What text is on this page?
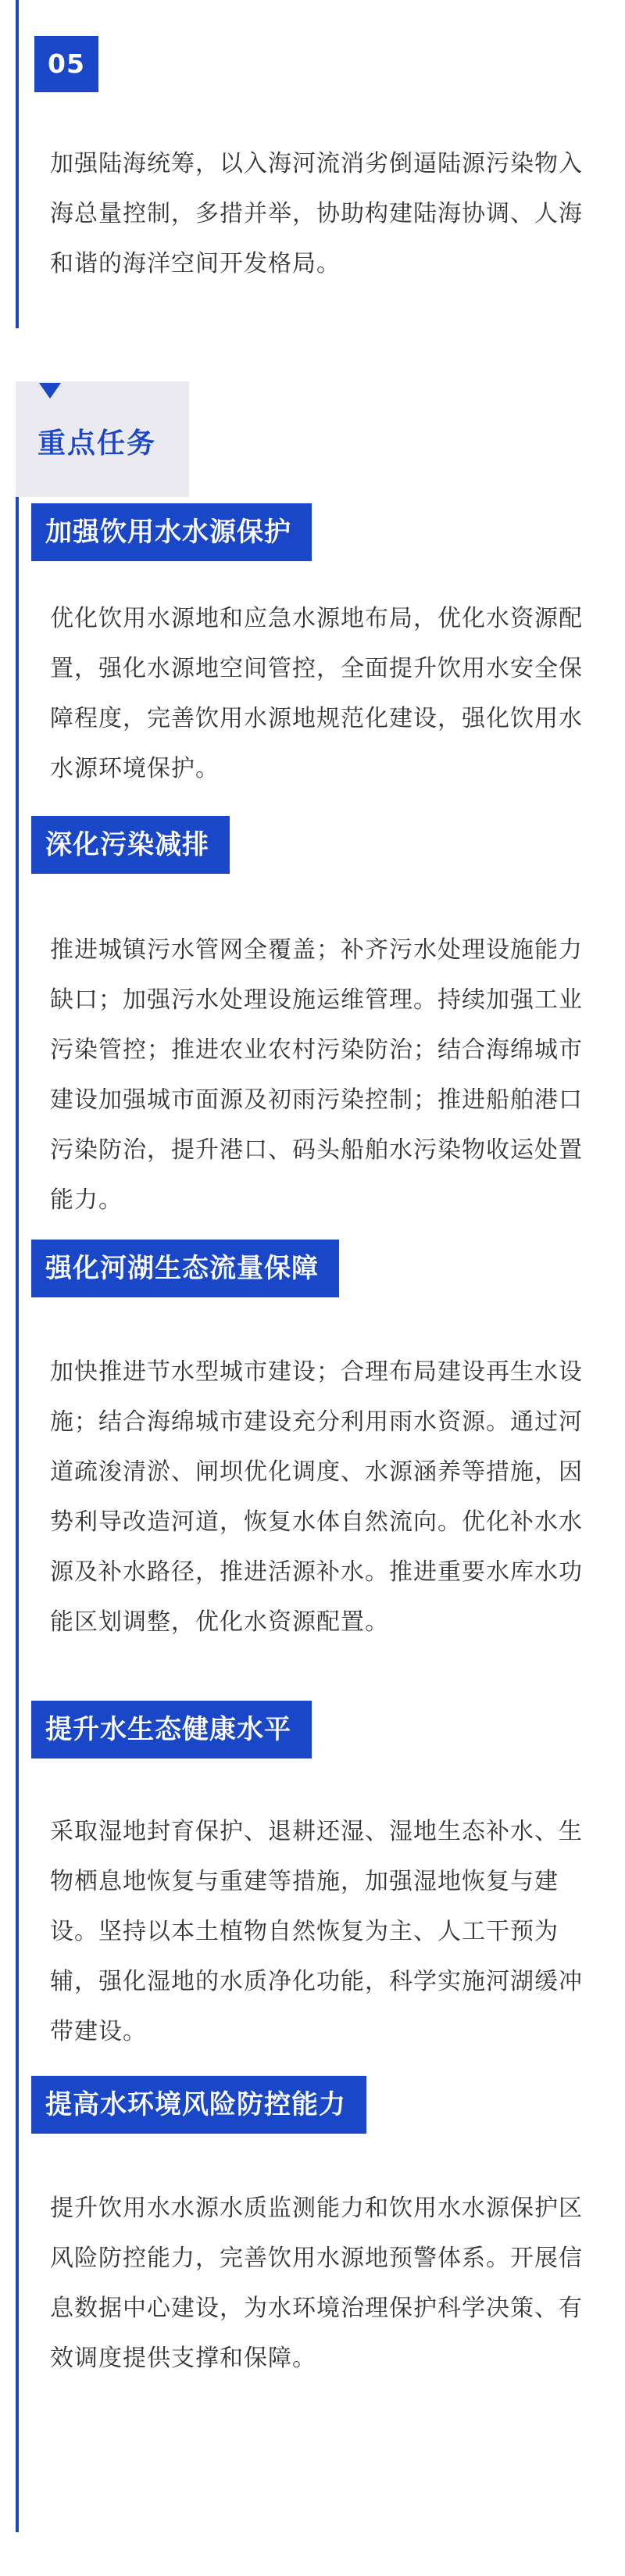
05
加强陆海统筹，以入海河流消劣倒逼陆源污染物入海总量控制，多措并举，协助构建陆海协调、人海和谐的海洋空间开发格局。
重点任务
加强饮用水水源保护
优化饮用水源地和应急水源地布局，优化水资源配置，强化水源地空间管控，全面提升饮用水安全保障程度，完善饮用水源地规范化建设，强化饮用水水源环境保护。
深化污染减排
推进城镇污水管网全覆盖；补齐污水处理设施能力缺口；加强污水处理设施运维管理。持续加强工业污染管控；推进农业农村污染防治；结合海绵城市建设加强城市面源及初雨污染控制；推进船舶港口污染防治，提升港口、码头船舶水污染物收运处置能力。
强化河湖生态流量保障
加快推进节水型城市建设；合理布局建设再生水设施；结合海绵城市建设充分利用雨水资源。通过河道疏浚清淤、闸坝优化调度、水源涵养等措施，因势利导改造河道，恢复水体自然流向。优化补水水源及补水路径，推进活源补水。推进重要水库水功能区划调整，优化水资源配置。
提升水生态健康水平
采取湿地封育保护、退耕还湿、湿地生态补水、生物栖息地恢复与重建等措施，加强湿地恢复与建设。坚持以本土植物自然恢复为主、人工干预为辅，强化湿地的水质净化功能，科学实施河湖缓冲带建设。
提高水环境风险防控能力
提升饮用水水源水质监测能力和饮用水水源保护区风险防控能力，完善饮用水源地预警体系。开展信息数据中心建设，为水环境治理保护科学决策、有效调度提供支撑和保障。
